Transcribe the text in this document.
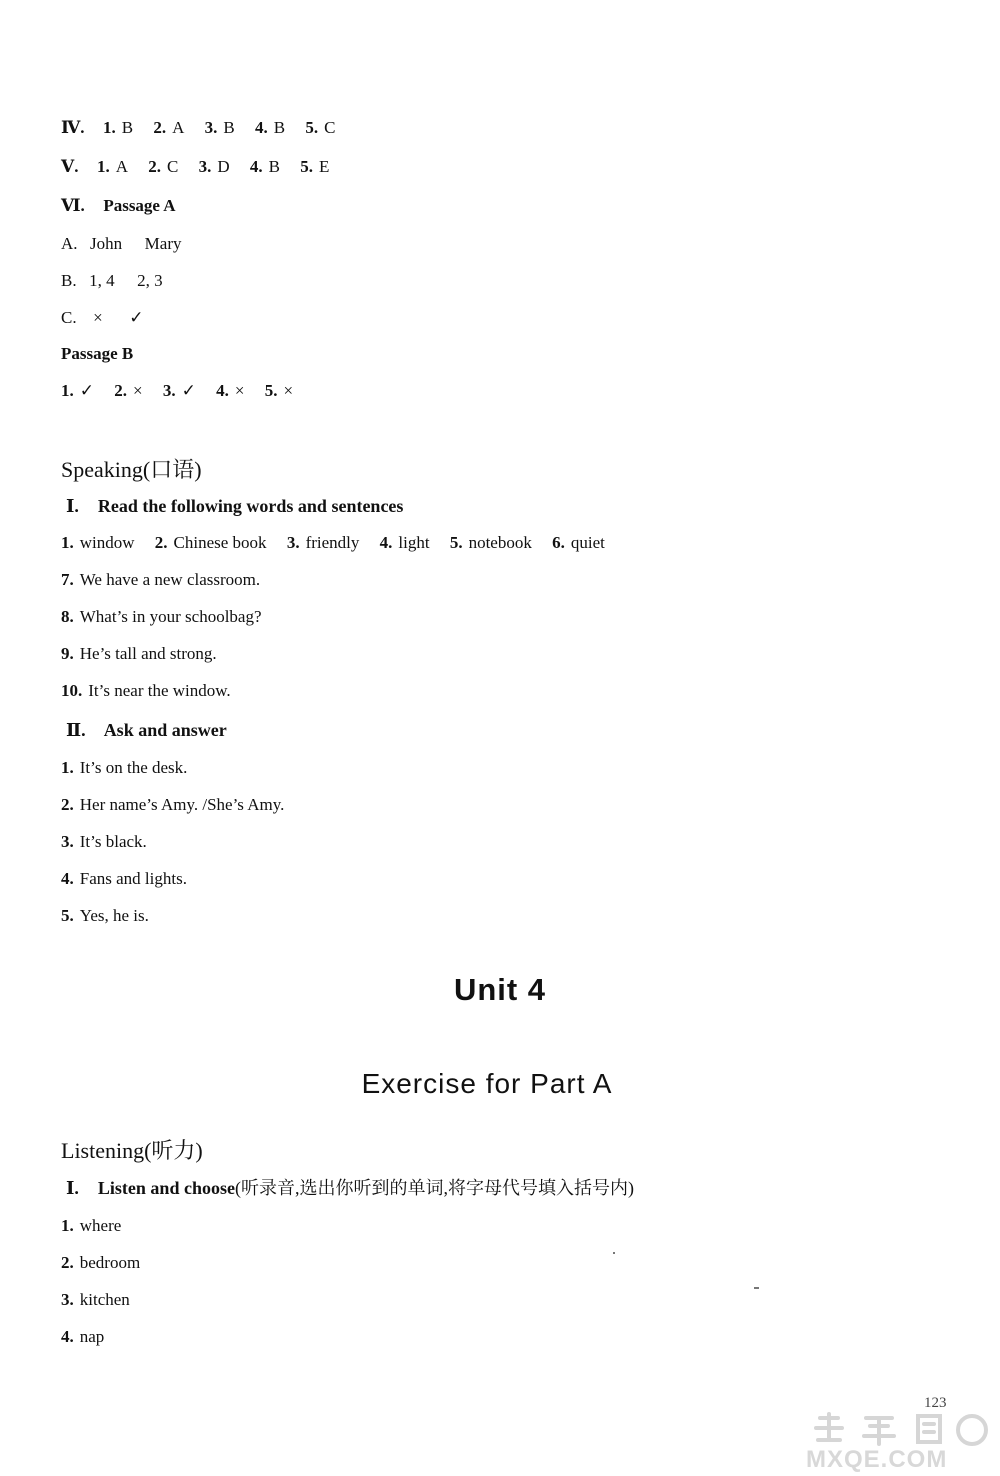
Ⅳ. 1. B 2. A 3. B 4. B 5. C
Ⅴ. 1. A 2. C 3. D 4. B 5. E
Ⅵ. Passage A
A. John Mary
B. 1, 4 2, 3
C. × ✓
Passage B
1. ✓ 2. × 3. ✓ 4. × 5. ×
Speaking(口语)
Ⅰ. Read the following words and sentences
1. window 2. Chinese book 3. friendly 4. light 5. notebook 6. quiet
7. We have a new classroom.
8. What’s in your schoolbag?
9. He’s tall and strong.
10. It’s near the window.
Ⅱ. Ask and answer
1. It’s on the desk.
2. Her name’s Amy. /She’s Amy.
3. It’s black.
4. Fans and lights.
5. Yes, he is.
Unit 4
Exercise for Part A
Listening(听力)
Ⅰ. Listen and choose(听录音,选出你听到的单词,将字母代号填入括号内)
1. where
2. bedroom
3. kitchen
4. nap
123
MXQE.COM
